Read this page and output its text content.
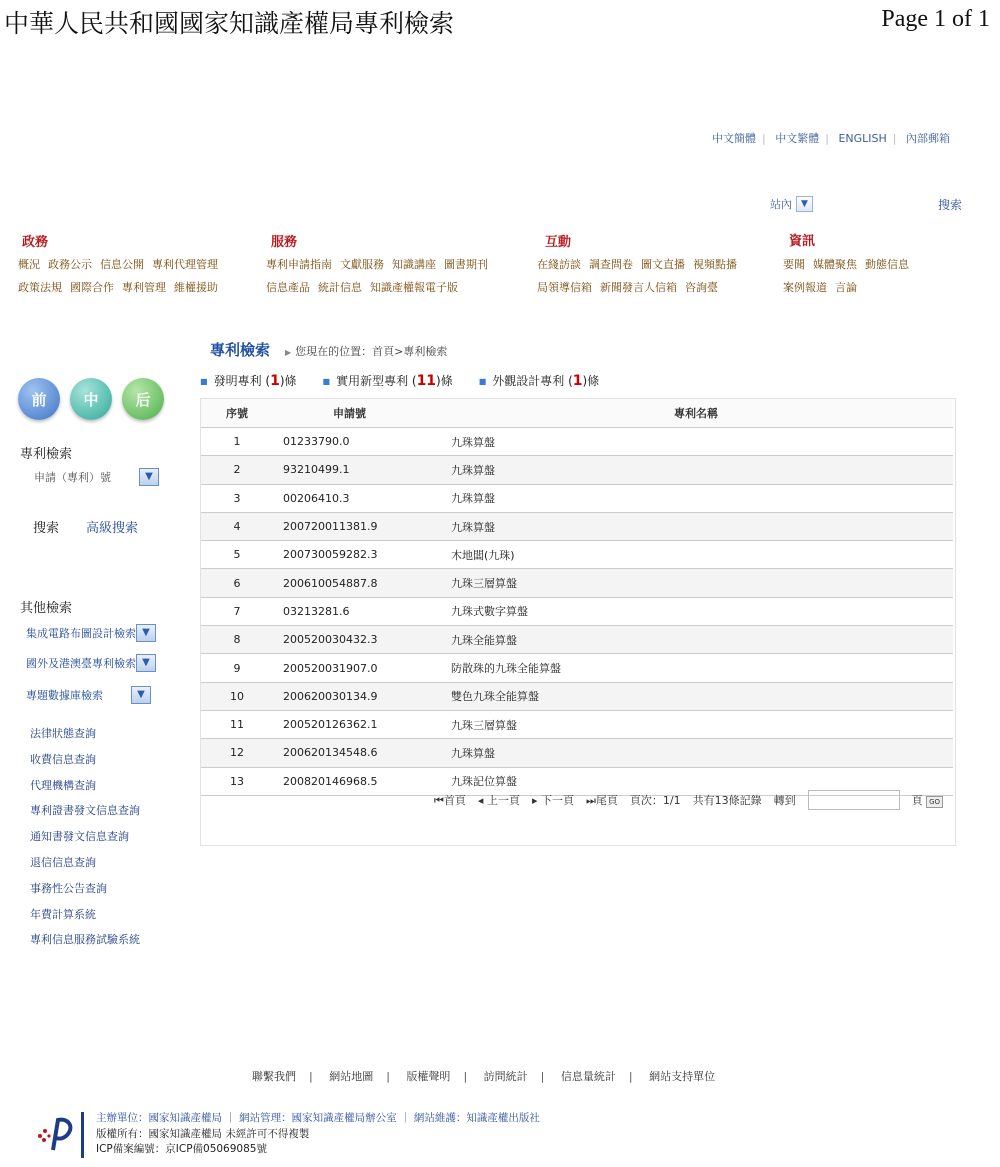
中華人民共和國國家知識產權局專利檢索	Page 1 of 1
中文簡體 | 中文繁體 | ENGLISH | 內部郵箱
站內	▼	搜索
政務
概況 政務公示 信息公開 專利代理管理
政策法規 國際合作 專利管理 維權援助
服務
專利申請指南 文獻服務 知識講座 圖書期刊
信息產品 統計信息 知識產權報電子版
互動
在綫訪談 調查問卷 圖文直播 視頻點播
局領導信箱 新聞發言人信箱 咨詢臺
資訊
要聞 媒體聚焦 動態信息
案例報道 言論
專利檢索 ▶ 您現在的位置：首頁>專利檢索
■ 發明專利 (1)條	■ 實用新型專利 (11)條	■ 外觀設計專利 (1)條
前	中	后
專利檢索
申請（專利）號	▼
搜索 高級搜索
其他檢索
集成電路布圖設計檢索 ▼
國外及港澳臺專利檢索 ▼
專題數據庫檢索	▼
法律狀態查詢
收費信息查詢
代理機構查詢
專利證書發文信息查詢
通知書發文信息查詢
退信信息查詢
事務性公告查詢
年費計算系統
專利信息服務試驗系統
序號	申請號	專利名稱
1	01233790.0	九珠算盤
2	93210499.1	九珠算盤
3	00206410.3	九珠算盤
4	200720011381.9	九珠算盤
5	200730059282.3	木地闆(九珠)
6	200610054887.8	九珠三層算盤
7	03213281.6	九珠式數字算盤
8	200520030432.3	九珠全能算盤
9	200520031907.0	防散珠的九珠全能算盤
10	200620030134.9	雙色九珠全能算盤
11	200520126362.1	九珠三層算盤
12	200620134548.6	九珠算盤
13	200820146968.5	九珠記位算盤
⏮首頁 ◂ 上一頁 ▸ 下一頁 ⏭尾頁 頁次：1/1 共有13條記錄 轉到	頁 GO
聯繫我們 | 網站地圖 | 版權聲明 | 訪問統計 | 信息量統計 | 網站支持單位
主辦單位：國家知識產權局 ｜ 網站管理：國家知識產權局辦公室 ｜ 網站維護：知識產權出版社
版權所有：國家知識產權局 未經許可不得複製
ICP備案編號：京ICP備05069085號
